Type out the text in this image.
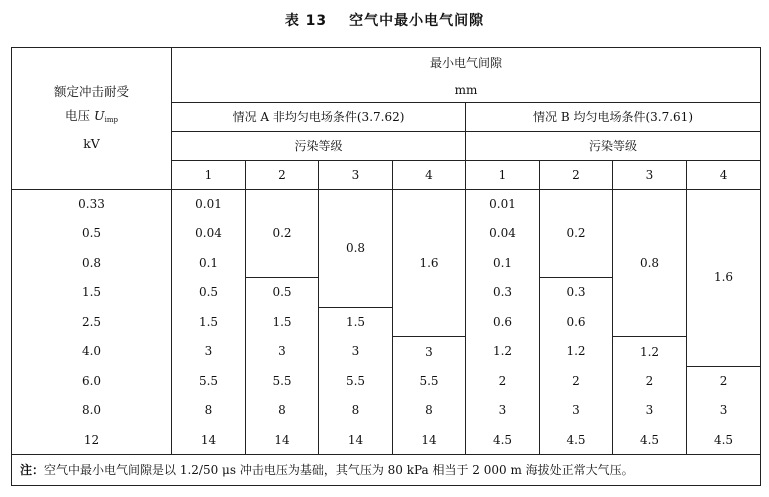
表 13 空气中最小电气间隙
额定冲击耐受
电压 $U_{imp}$
kV	最小电气间隙							
	mm							
	情况 A 非均匀电场条件(3.7.62)				情况 B 均匀电场条件(3.7.61)			
	污染等级				污染等级			
	1	2	3	4	1	2	3	4
0.33	0.01	0.2	0.8	1.6	0.01	0.2	0.8	1.6
0.5	0.04				0.04			
0.8	0.1				0.1			
1.5	0.5	0.5			0.3	0.3		
2.5	1.5	1.5	1.5		0.6	0.6		
4.0	3	3	3	3	1.2	1.2	1.2	
6.0	5.5	5.5	5.5	5.5	2	2	2	2
8.0	8	8	8	8	3	3	3	3
12	14	14	14	14	4.5	4.5	4.5	4.5
注：空气中最小电气间隙是以 1.2/50 μs 冲击电压为基础，其气压为 80 kPa 相当于 2 000 m 海拔处正常大气压。								
